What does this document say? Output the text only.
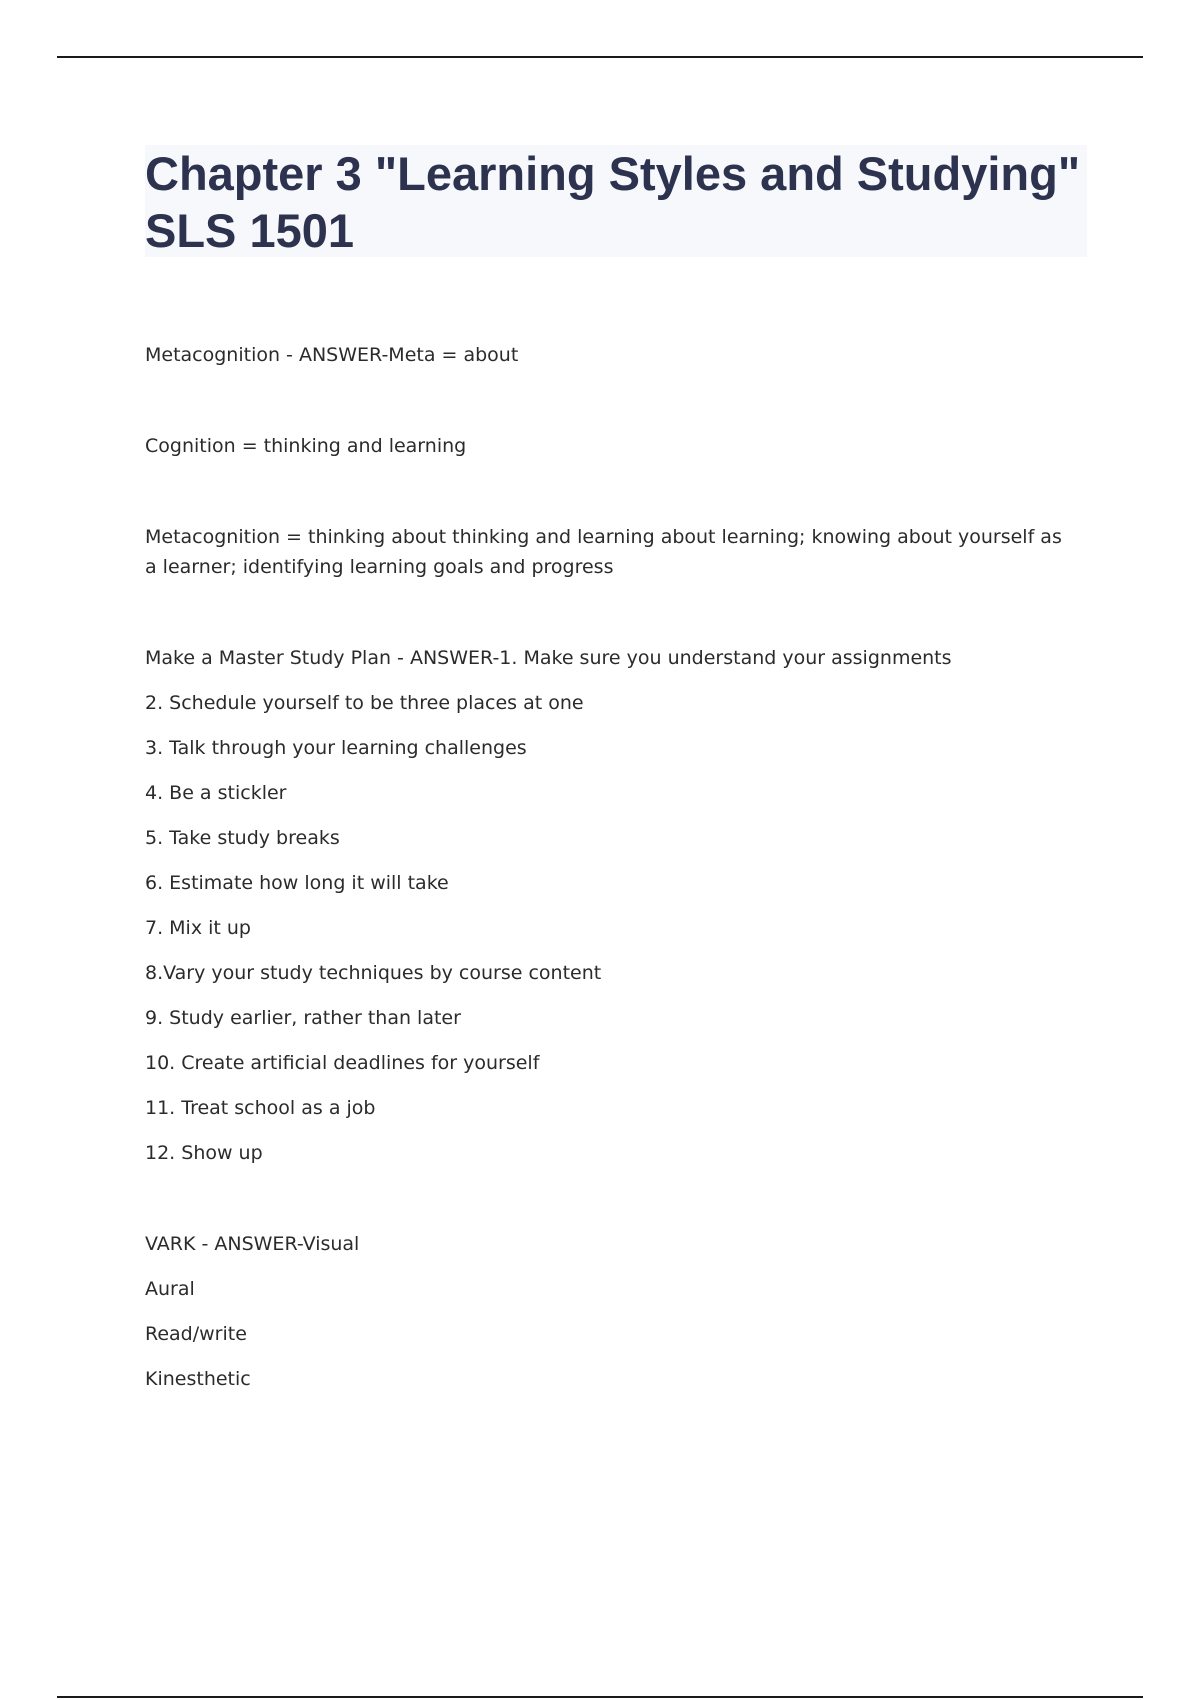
Chapter 3 "Learning Styles and Studying" SLS 1501

Metacognition - ANSWER-Meta = about

Cognition = thinking and learning

Metacognition = thinking about thinking and learning about learning; knowing about yourself as a learner; identifying learning goals and progress

Make a Master Study Plan - ANSWER-1. Make sure you understand your assignments

2. Schedule yourself to be three places at one

3. Talk through your learning challenges

4. Be a stickler

5. Take study breaks

6. Estimate how long it will take

7. Mix it up

8.Vary your study techniques by course content

9. Study earlier, rather than later

10. Create artificial deadlines for yourself

11. Treat school as a job

12. Show up

VARK - ANSWER-Visual

Aural

Read/write

Kinesthetic
